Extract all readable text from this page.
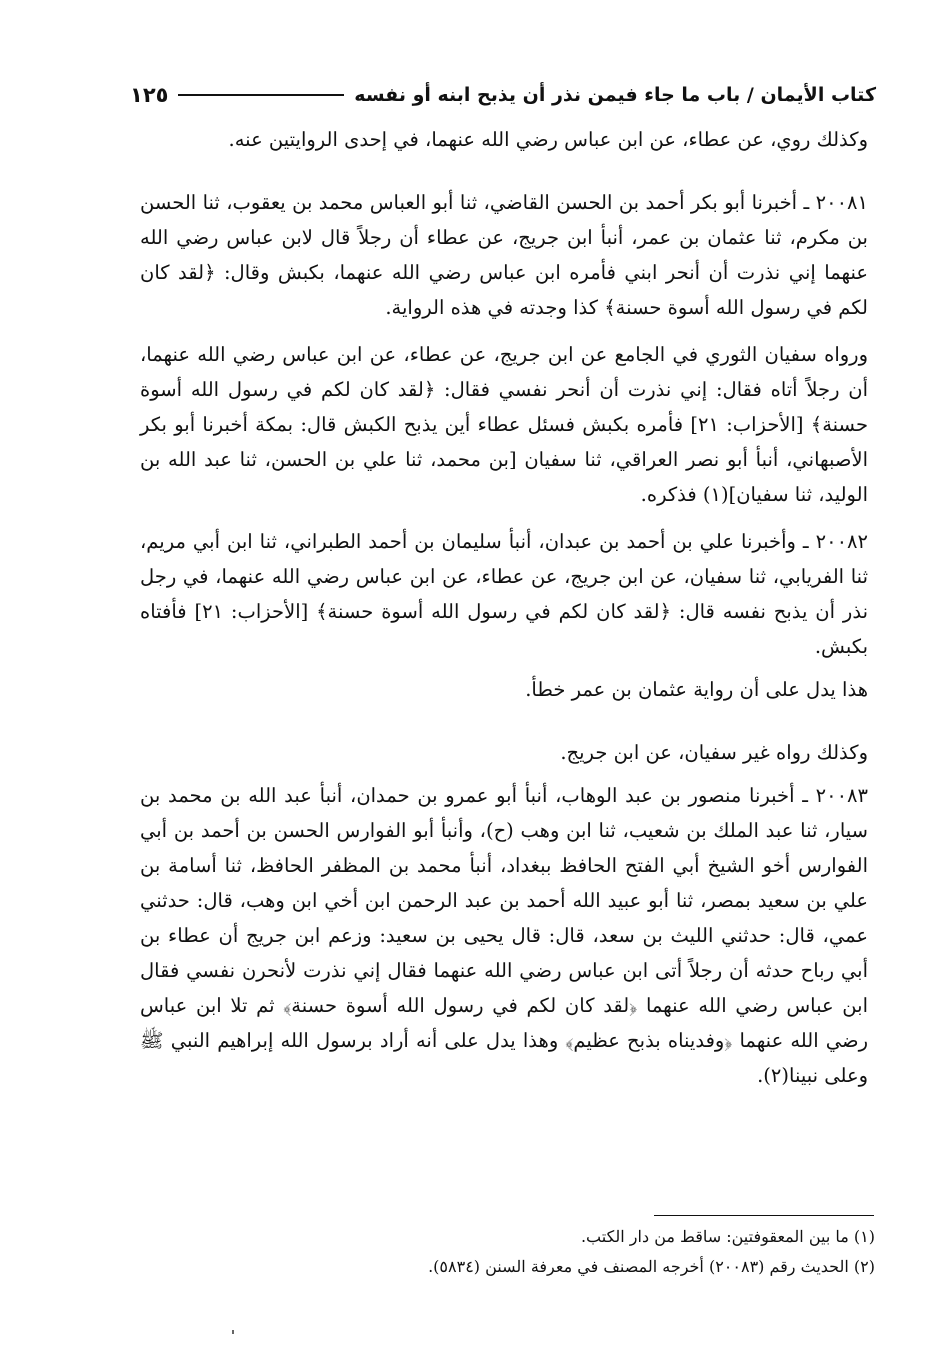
كتاب الأيمان / باب ما جاء فيمن نذر أن يذبح ابنه أو نفسه
١٢٥

وكذلك روي، عن عطاء، عن ابن عباس رضي الله عنهما، في إحدى الروايتين عنه.

٢٠٠٨١ ـ أخبرنا أبو بكر أحمد بن الحسن القاضي، ثنا أبو العباس محمد بن يعقوب، ثنا الحسن بن مكرم، ثنا عثمان بن عمر، أنبأ ابن جريج، عن عطاء أن رجلاً قال لابن عباس رضي الله عنهما إني نذرت أن أنحر ابني فأمره ابن عباس رضي الله عنهما، بكبش وقال: ﴿لقد كان لكم في رسول الله أسوة حسنة﴾ كذا وجدته في هذه الرواية.

ورواه سفيان الثوري في الجامع عن ابن جريج، عن عطاء، عن ابن عباس رضي الله عنهما، أن رجلاً أتاه فقال: إني نذرت أن أنحر نفسي فقال: ﴿لقد كان لكم في رسول الله أسوة حسنة﴾ [الأحزاب: ٢١] فأمره بكبش فسئل عطاء أين يذبح الكبش قال: بمكة أخبرنا أبو بكر الأصبهاني، أنبأ أبو نصر العراقي، ثنا سفيان [بن محمد، ثنا علي بن الحسن، ثنا عبد الله بن الوليد، ثنا سفيان](١) فذكره.

٢٠٠٨٢ ـ وأخبرنا علي بن أحمد بن عبدان، أنبأ سليمان بن أحمد الطبراني، ثنا ابن أبي مريم، ثنا الفريابي، ثنا سفيان، عن ابن جريج، عن عطاء، عن ابن عباس رضي الله عنهما، في رجل نذر أن يذبح نفسه قال: ﴿لقد كان لكم في رسول الله أسوة حسنة﴾ [الأحزاب: ٢١] فأفتاه بكبش.

هذا يدل على أن رواية عثمان بن عمر خطأ.

وكذلك رواه غير سفيان، عن ابن جريج.

٢٠٠٨٣ ـ أخبرنا منصور بن عبد الوهاب، أنبأ أبو عمرو بن حمدان، أنبأ عبد الله بن محمد بن سيار، ثنا عبد الملك بن شعيب، ثنا ابن وهب (ح)، وأنبأ أبو الفوارس الحسن بن أحمد بن أبي الفوارس أخو الشيخ أبي الفتح الحافظ ببغداد، أنبأ محمد بن المظفر الحافظ، ثنا أسامة بن علي بن سعيد بمصر، ثنا أبو عبيد الله أحمد بن عبد الرحمن ابن أخي ابن وهب، قال: حدثني عمي، قال: حدثني الليث بن سعد، قال: قال يحيى بن سعيد: وزعم ابن جريج أن عطاء بن أبي رباح حدثه أن رجلاً أتى ابن عباس رضي الله عنهما فقال إني نذرت لأنحرن نفسي فقال ابن عباس رضي الله عنهما ﴿لقد كان لكم في رسول الله أسوة حسنة﴾ ثم تلا ابن عباس رضي الله عنهما ﴿وفديناه بذبح عظيم﴾ وهذا يدل على أنه أراد برسول الله إبراهيم النبي ﷺ وعلى نبينا(٢).

(١) ما بين المعقوفتين: ساقط من دار الكتب.
(٢) الحديث رقم (٢٠٠٨٣) أخرجه المصنف في معرفة السنن (٥٨٣٤).
